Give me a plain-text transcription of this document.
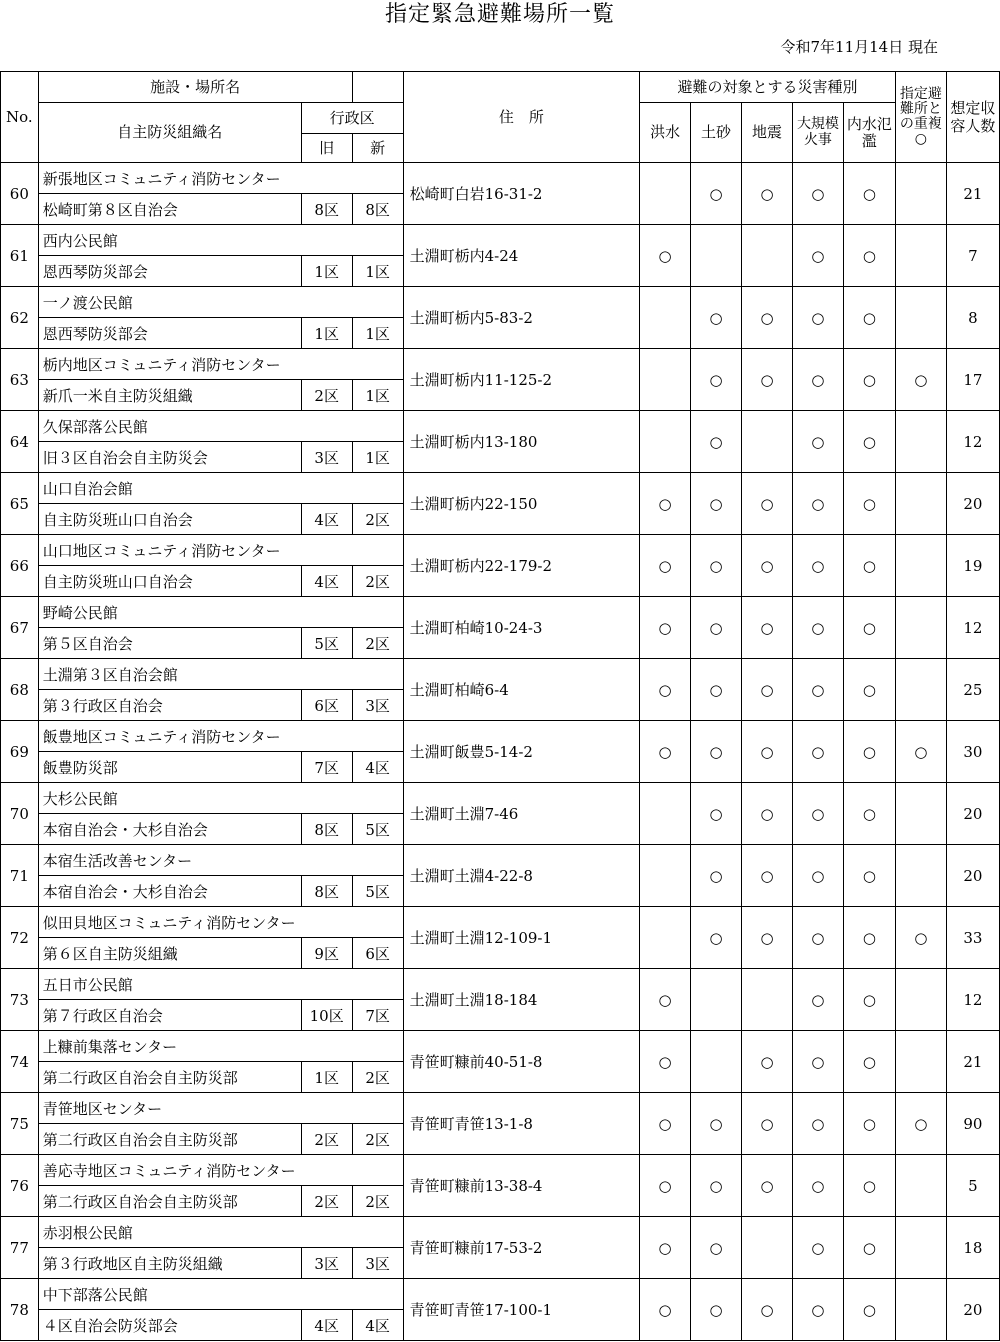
指定緊急避難場所一覧
令和7年11月14日 現在
No.	施設・場所名			住　所	避難の対象とする災害種別					指定避難所との重複○	想定収容人数
	自主防災組織名	行政区			洪水	土砂	地震	大規模火事	内水氾濫		
		旧	新								
60	新張地区コミュニティ消防センター			松崎町白岩16-31-2		○	○	○	○		21
	松崎町第８区自治会	8区	8区								
61	西内公民館			土淵町栃内4-24	○			○	○		7
	恩西琴防災部会	1区	1区								
62	一ノ渡公民館			土淵町栃内5-83-2		○	○	○	○		8
	恩西琴防災部会	1区	1区								
63	栃内地区コミュニティ消防センター			土淵町栃内11-125-2		○	○	○	○	○	17
	新爪一米自主防災組織	2区	1区								
64	久保部落公民館			土淵町栃内13-180		○		○	○		12
	旧３区自治会自主防災会	3区	1区								
65	山口自治会館			土淵町栃内22-150	○	○	○	○	○		20
	自主防災班山口自治会	4区	2区								
66	山口地区コミュニティ消防センター			土淵町栃内22-179-2	○	○	○	○	○		19
	自主防災班山口自治会	4区	2区								
67	野崎公民館			土淵町柏崎10-24-3	○	○	○	○	○		12
	第５区自治会	5区	2区								
68	土淵第３区自治会館			土淵町柏崎6-4	○	○	○	○	○		25
	第３行政区自治会	6区	3区								
69	飯豊地区コミュニティ消防センター			土淵町飯豊5-14-2	○	○	○	○	○	○	30
	飯豊防災部	7区	4区								
70	大杉公民館			土淵町土淵7-46		○	○	○	○		20
	本宿自治会・大杉自治会	8区	5区								
71	本宿生活改善センター			土淵町土淵4-22-8		○	○	○	○		20
	本宿自治会・大杉自治会	8区	5区								
72	似田貝地区コミュニティ消防センター			土淵町土淵12-109-1		○	○	○	○	○	33
	第６区自主防災組織	9区	6区								
73	五日市公民館			土淵町土淵18-184	○			○	○		12
	第７行政区自治会	10区	7区								
74	上糠前集落センター			青笹町糠前40-51-8	○		○	○	○		21
	第二行政区自治会自主防災部	1区	2区								
75	青笹地区センター			青笹町青笹13-1-8	○	○	○	○	○	○	90
	第二行政区自治会自主防災部	2区	2区								
76	善応寺地区コミュニティ消防センター			青笹町糠前13-38-4	○	○	○	○	○		5
	第二行政区自治会自主防災部	2区	2区								
77	赤羽根公民館			青笹町糠前17-53-2	○	○		○	○		18
	第３行政地区自主防災組織	3区	3区								
78	中下部落公民館			青笹町青笹17-100-1	○	○	○	○	○		20
	４区自治会防災部会	4区	4区								
